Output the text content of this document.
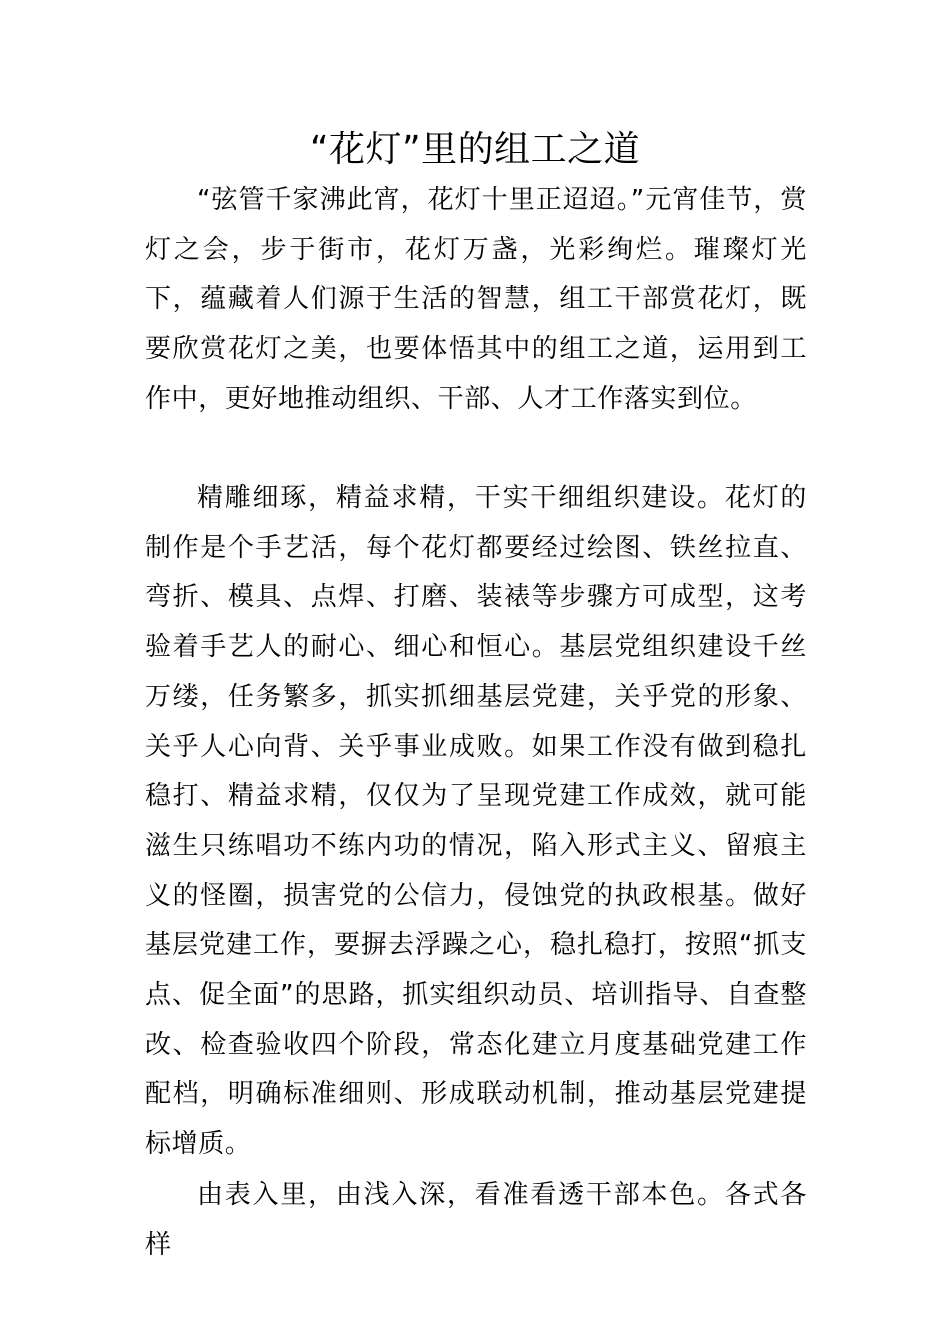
“花灯”里的组工之道

“弦管千家沸此宵，花灯十里正迢迢。”元宵佳节，赏灯之会，步于街市，花灯万盏，光彩绚烂。璀璨灯光下，蕴藏着人们源于生活的智慧，组工干部赏花灯，既要欣赏花灯之美，也要体悟其中的组工之道，运用到工作中，更好地推动组织、干部、人才工作落实到位。

精雕细琢，精益求精，干实干细组织建设。花灯的制作是个手艺活，每个花灯都要经过绘图、铁丝拉直、弯折、模具、点焊、打磨、装裱等步骤方可成型，这考验着手艺人的耐心、细心和恒心。基层党组织建设千丝万缕，任务繁多，抓实抓细基层党建，关乎党的形象、关乎人心向背、关乎事业成败。如果工作没有做到稳扎稳打、精益求精，仅仅为了呈现党建工作成效，就可能滋生只练唱功不练内功的情况，陷入形式主义、留痕主义的怪圈，损害党的公信力，侵蚀党的执政根基。做好基层党建工作，要摒去浮躁之心，稳扎稳打，按照“抓支点、促全面”的思路，抓实组织动员、培训指导、自查整改、检查验收四个阶段，常态化建立月度基础党建工作配档，明确标准细则、形成联动机制，推动基层党建提标增质。

由表入里，由浅入深，看准看透干部本色。各式各样
